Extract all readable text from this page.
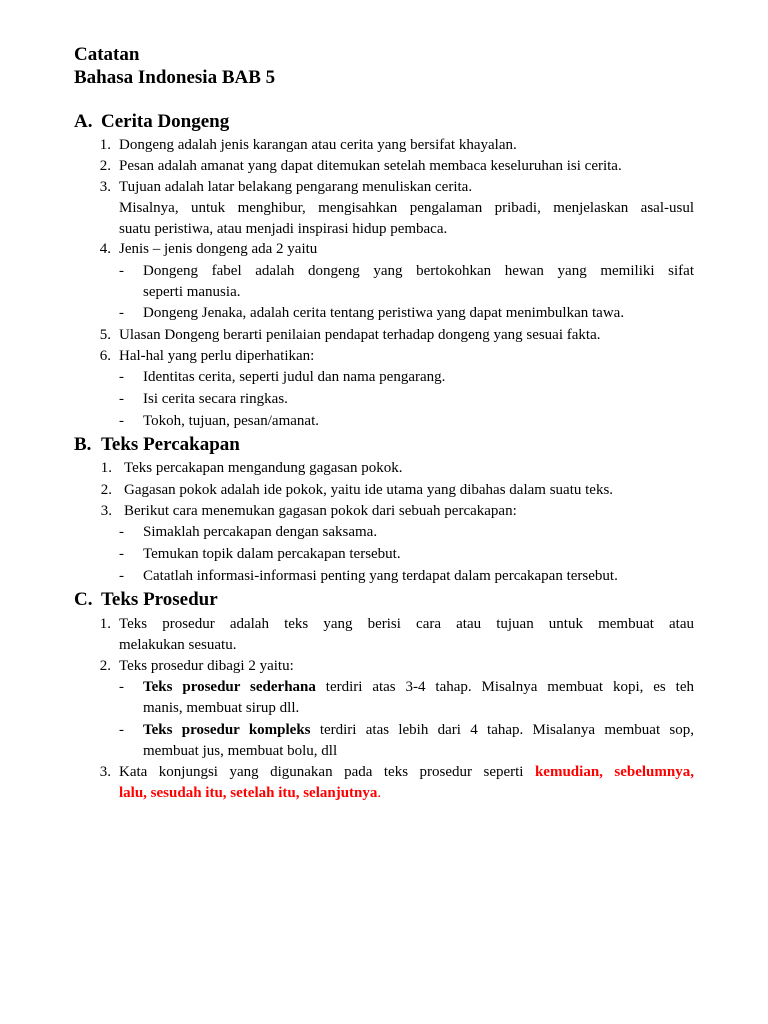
Catatan
Bahasa Indonesia BAB 5
A. Cerita Dongeng
1. Dongeng adalah jenis karangan atau cerita yang bersifat khayalan.
2. Pesan adalah amanat yang dapat ditemukan setelah membaca keseluruhan isi cerita.
3. Tujuan adalah latar belakang pengarang menuliskan cerita.
Misalnya, untuk menghibur, mengisahkan pengalaman pribadi, menjelaskan asal-usul
suatu peristiwa, atau menjadi inspirasi hidup pembaca.
4. Jenis – jenis dongeng ada 2 yaitu
- Dongeng fabel adalah dongeng yang bertokohkan hewan yang memiliki sifat
seperti manusia.
- Dongeng Jenaka, adalah cerita tentang peristiwa yang dapat menimbulkan tawa.
5. Ulasan Dongeng berarti penilaian pendapat terhadap dongeng yang sesuai fakta.
6. Hal-hal yang perlu diperhatikan:
- Identitas cerita, seperti judul dan nama pengarang.
- Isi cerita secara ringkas.
- Tokoh, tujuan, pesan/amanat.
B. Teks Percakapan
1. Teks percakapan mengandung gagasan pokok.
2. Gagasan pokok adalah ide pokok, yaitu ide utama yang dibahas dalam suatu teks.
3. Berikut cara menemukan gagasan pokok dari sebuah percakapan:
- Simaklah percakapan dengan saksama.
- Temukan topik dalam percakapan tersebut.
- Catatlah informasi-informasi penting yang terdapat dalam percakapan tersebut.
C. Teks Prosedur
1. Teks prosedur adalah teks yang berisi cara atau tujuan untuk membuat atau
melakukan sesuatu.
2. Teks prosedur dibagi 2 yaitu:
- Teks prosedur sederhana terdiri atas 3-4 tahap. Misalnya membuat kopi, es teh
manis, membuat sirup dll.
- Teks prosedur kompleks terdiri atas lebih dari 4 tahap. Misalanya membuat sop,
membuat jus, membuat bolu, dll
3. Kata konjungsi yang digunakan pada teks prosedur seperti kemudian, sebelumnya,
lalu, sesudah itu, setelah itu, selanjutnya.
